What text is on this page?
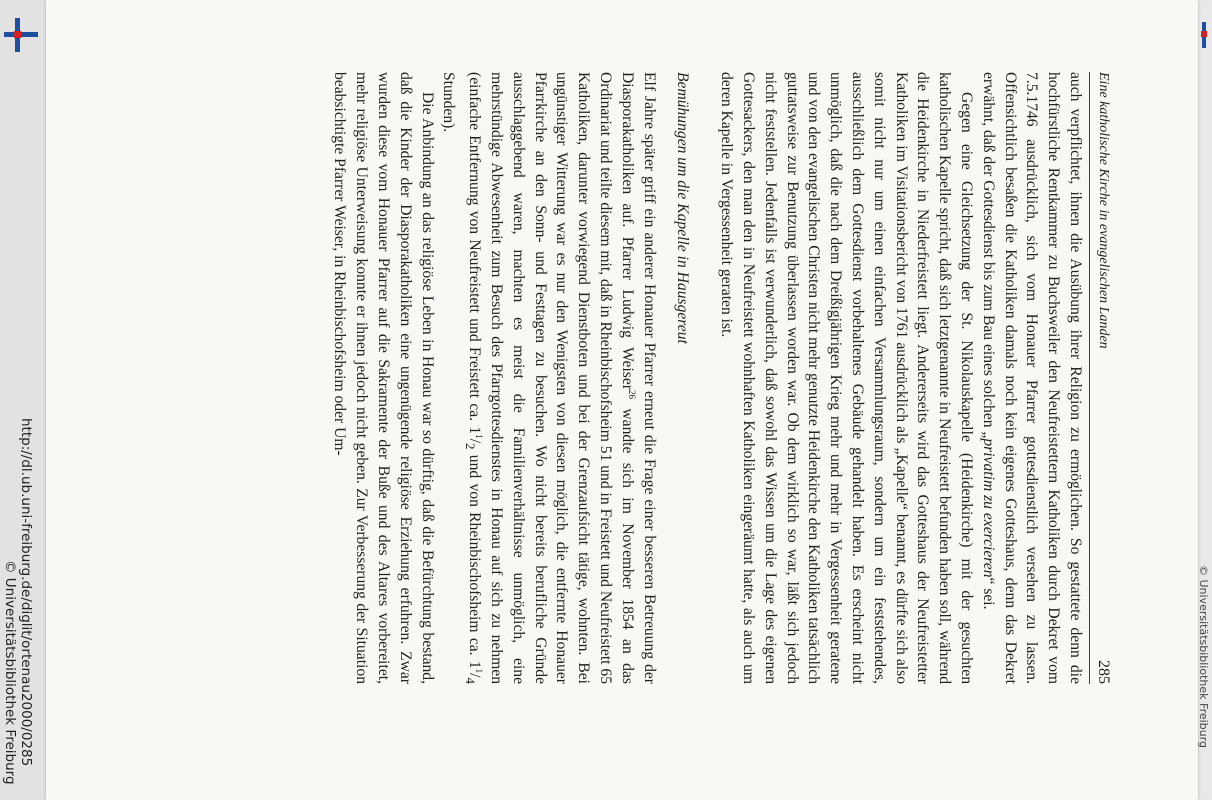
Eine katholische Kirche in evangelischen Landen
285

auch verpflichtet, ihnen die Ausübung ihrer Religion zu ermöglichen. So gestattete denn die hochfürstliche Rentkammer zu Buchsweiler den Neufreistettern Katholiken durch Dekret vom 7.5.1746 ausdrücklich, sich vom Honauer Pfarrer gottesdienstlich versehen zu lassen. Offensichtlich besaßen die Katholiken damals noch kein eigenes Gotteshaus, denn das Dekret erwähnt, daß der Gottesdienst bis zum Bau eines solchen „privatim zu exercieren“ sei.

Gegen eine Gleichsetzung der St. Nikolauskapelle (Heidenkirche) mit der gesuchten katholischen Kapelle spricht, daß sich letztgenannte in Neufreistett befunden haben soll, während die Heidenkirche in Niederfreistett liegt. Andererseits wird das Gotteshaus der Neufreistetter Katholiken im Visitationsbericht von 1761 ausdrücklich als „Kapelle“ benannt, es dürfte sich also somit nicht nur um einen einfachen Versammlungsraum, sondern um ein feststehendes, ausschließlich dem Gottesdienst vorbehaltenes Gebäude gehandelt haben. Es erscheint nicht unmöglich, daß die nach dem Dreißigjährigen Krieg mehr und mehr in Vergessenheit geratene und von den evangelischen Christen nicht mehr genutzte Heidenkirche den Katholiken tatsächlich guttatsweise zur Benutzung überlassen worden war. Ob dem wirklich so war, läßt sich jedoch nicht feststellen. Jedenfalls ist verwunderlich, daß sowohl das Wissen um die Lage des eigenen Gottesackers, den man den in Neufreistett wohnhaften Katholiken eingeräumt hatte, als auch um deren Kapelle in Vergessenheit geraten ist.

Bemühungen um die Kapelle in Hausgereut

Elf Jahre später griff ein anderer Honauer Pfarrer erneut die Frage einer besseren Betreuung der Diasporakatholiken auf. Pfarrer Ludwig Weiser$^{26}$ wandte sich im November 1854 an das Ordinariat und teilte diesem mit, daß in Rheinbischofsheim 51 und in Freistett und Neufreistett 65 Katholiken, darunter vorwiegend Dienstboten und bei der Grenzaufsicht tätige, wohnten. Bei ungünstiger Witterung war es nur den Wenigsten von diesen möglich, die entfernte Honauer Pfarrkirche an den Sonn- und Festtagen zu besuchen. Wo nicht bereits berufliche Gründe ausschlaggebend waren, machten es meist die Familienverhältnisse unmöglich, eine mehrstündige Abwesenheit zum Besuch des Pfarrgottesdienstes in Honau auf sich zu nehmen (einfache Entfernung von Neufreistett und Freistett ca. $1^1/_2$ und von Rheinbischofsheim ca. $1^1/_4$ Stunden).

Die Anbindung an das religiöse Leben in Honau war so dürftig, daß die Befürchtung bestand, daß die Kinder der Diasporakatholiken eine ungenügende religiöse Erziehung erfuhren. Zwar wurden diese vom Honauer Pfarrer auf die Sakramente der Buße und des Altares vorbereitet, mehr religiöse Unterweisung konnte er ihnen jedoch nicht geben. Zur Verbesserung der Situation beabsichtigte Pfarrer Weiser, in Rheinbischofsheim oder Um-

http://dl.ub.uni-freiburg.de/diglit/ortenau2000/0285
© Universitätsbibliothek Freiburg	© Universitätsbibliothek Freiburg
